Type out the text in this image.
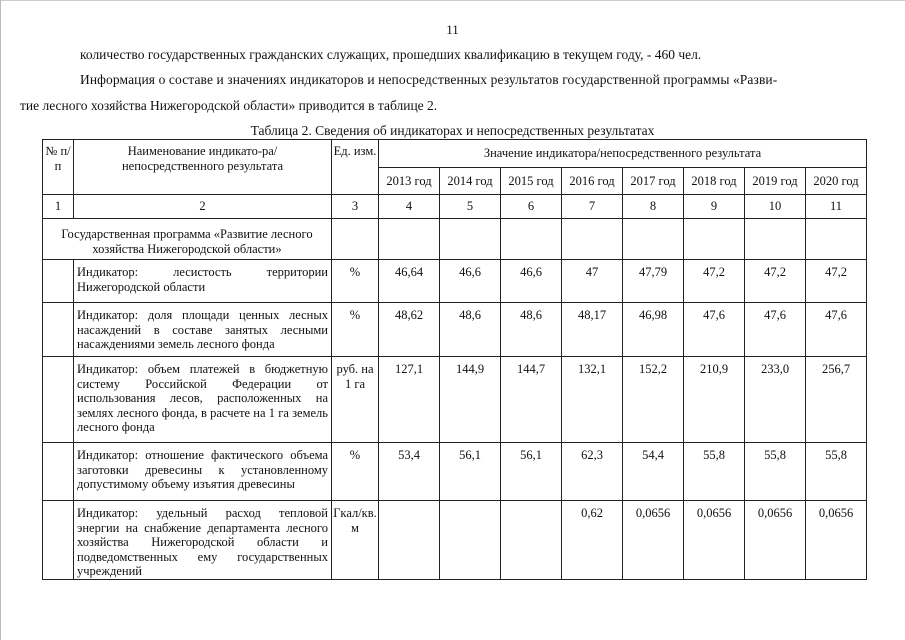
11
количество государственных гражданских служащих, прошедших квалификацию в текущем году, - 460 чел.
Информация о составе и значениях индикаторов и непосредственных результатов государственной программы «Разви-
тие лесного хозяйства Нижегородской области» приводится в таблице 2.
Таблица 2. Сведения об индикаторах и непосредственных результатах
№ п/п	Наименование индикато-ра/непосредственного результата	Ед. изм.	Значение индикатора/непосредственного результата							
			2013 год	2014 год	2015 год	2016 год	2017 год	2018 год	2019 год	2020 год
1	2	3	4	5	6	7	8	9	10	11
Государственная программа «Развитие лесного хозяйства Нижегородской области»										
	Индикатор: лесистость территории Нижегородской области	%	46,64	46,6	46,6	47	47,79	47,2	47,2	47,2
	Индикатор: доля площади ценных лесных насаждений в составе занятых лесными насаждениями земель лесного фонда	%	48,62	48,6	48,6	48,17	46,98	47,6	47,6	47,6
	Индикатор: объем платежей в бюджетную систему Российской Федерации от использования лесов, расположенных на землях лесного фонда, в расчете на 1 га земель лесного фонда	руб. на 1 га	127,1	144,9	144,7	132,1	152,2	210,9	233,0	256,7
	Индикатор: отношение фактического объема заготовки древесины к установленному допустимому объему изъятия древесины	%	53,4	56,1	56,1	62,3	54,4	55,8	55,8	55,8
	Индикатор: удельный расход тепловой энергии на снабжение департамента лесного хозяйства Нижегородской области и подведомственных ему государственных учреждений	Гкал/кв. м				0,62	0,0656	0,0656	0,0656	0,0656
